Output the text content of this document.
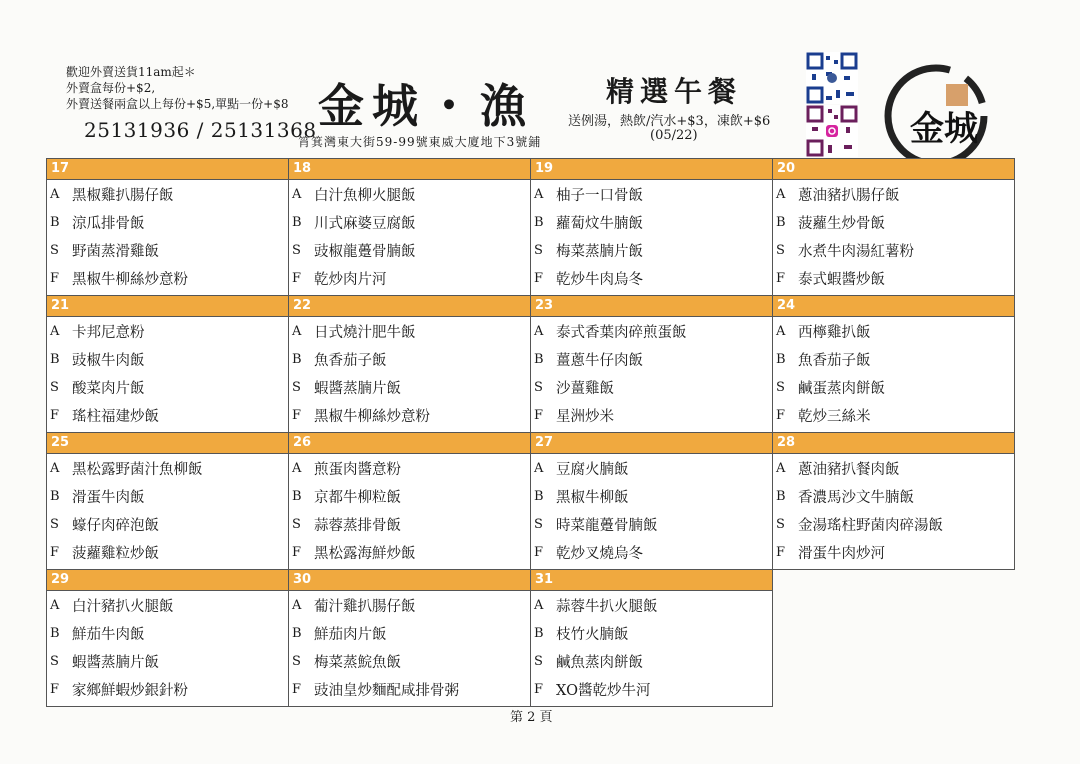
歡迎外賣送貨11am起＊
外賣盒每份+$2,
外賣送餐兩盒以上每份+$5,單點一份+$8
25131936 / 25131368 金城・漁
筲箕灣東大街59-99號東威大廈地下3號鋪
精選午餐
送例湯，熱飲/汽水+$3，凍飲+$6
(05/22)	金城
17
A 黑椒雞扒腸仔飯
B 涼瓜排骨飯
S 野菌蒸滑雞飯
F 黑椒牛柳絲炒意粉
18
A 白汁魚柳火腿飯
B 川式麻婆豆腐飯
S 豉椒龍躉骨腩飯
F 乾炒肉片河
19
A 柚子一口骨飯
B 蘿蔔炆牛腩飯
S 梅菜蒸腩片飯
F 乾炒牛肉烏冬
20
A 蔥油豬扒腸仔飯
B 菠蘿生炒骨飯
S 水煮牛肉湯紅薯粉
F 泰式蝦醬炒飯
21
A 卡邦尼意粉
B 豉椒牛肉飯
S 酸菜肉片飯
F 瑤柱福建炒飯
22
A 日式燒汁肥牛飯
B 魚香茄子飯
S 蝦醬蒸腩片飯
F 黑椒牛柳絲炒意粉
23
A 泰式香葉肉碎煎蛋飯
B 薑蔥牛仔肉飯
S 沙薑雞飯
F 星洲炒米
24
A 西檸雞扒飯
B 魚香茄子飯
S 鹹蛋蒸肉餅飯
F 乾炒三絲米
25
A 黑松露野菌汁魚柳飯
B 滑蛋牛肉飯
S 蠔仔肉碎泡飯
F 菠蘿雞粒炒飯
26
A 煎蛋肉醬意粉
B 京都牛柳粒飯
S 蒜蓉蒸排骨飯
F 黑松露海鮮炒飯
27
A 豆腐火腩飯
B 黑椒牛柳飯
S 時菜龍躉骨腩飯
F 乾炒叉燒烏冬
28
A 蔥油豬扒餐肉飯
B 香濃馬沙文牛腩飯
S 金湯瑤柱野菌肉碎湯飯
F 滑蛋牛肉炒河
29
A 白汁豬扒火腿飯
B 鮮茄牛肉飯
S 蝦醬蒸腩片飯
F 家鄉鮮蝦炒銀針粉
30
A 葡汁雞扒腸仔飯
B 鮮茄肉片飯
S 梅菜蒸鯇魚飯
F 豉油皇炒麵配咸排骨粥
31
A 蒜蓉牛扒火腿飯
B 枝竹火腩飯
S 鹹魚蒸肉餅飯
F XO醬乾炒牛河
第 2 頁
